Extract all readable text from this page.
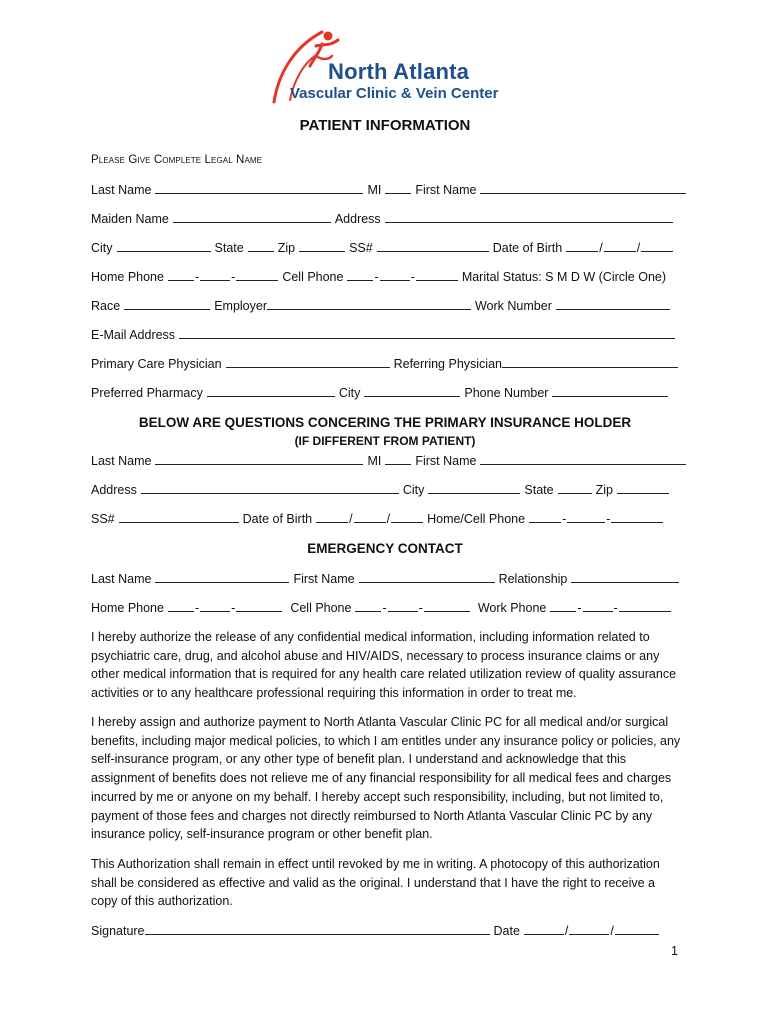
North Atlanta
Vascular Clinic & Vein Center
PATIENT INFORMATION
Please Give Complete Legal Name
Last Name	MI	First Name
Maiden Name	Address
City	State	Zip	SS#	Date of Birth	/	/
Home Phone -	-	Cell Phone -	-	Marital Status: S M D W (Circle One)
Race	Employer	Work Number
E-Mail Address
Primary Care Physician	Referring Physician
Preferred Pharmacy	City	Phone Number
BELOW ARE QUESTIONS CONCERING THE PRIMARY INSURANCE HOLDER
(IF DIFFERENT FROM PATIENT)
Last Name	MI	First Name
Address	City	State	Zip
SS#	Date of Birth	/	/	Home/Cell Phone	-	-
EMERGENCY CONTACT
Last Name	First Name	Relationship
Home Phone -	-	Cell Phone -	-	Work Phone -	-
I hereby authorize the release of any confidential medical information, including information related to psychiatric care, drug, and alcohol abuse and HIV/AIDS, necessary to process insurance claims or any other medical information that is required for any health care related utilization review of quality assurance activities or to any healthcare professional requiring this information in order to treat me.
I hereby assign and authorize payment to North Atlanta Vascular Clinic PC for all medical and/or surgical benefits, including major medical policies, to which I am entitles under any insurance policy or policies, any self-insurance program, or any other type of benefit plan. I understand and acknowledge that this assignment of benefits does not relieve me of any financial responsibility for all medical fees and charges incurred by me or anyone on my behalf. I hereby accept such responsibility, including, but not limited to, payment of those fees and charges not directly reimbursed to North Atlanta Vascular Clinic PC by any insurance policy, self-insurance program or other benefit plan.
This Authorization shall remain in effect until revoked by me in writing. A photocopy of this authorization shall be considered as effective and valid as the original. I understand that I have the right to receive a copy of this authorization.
Signature	Date	/	/
1
